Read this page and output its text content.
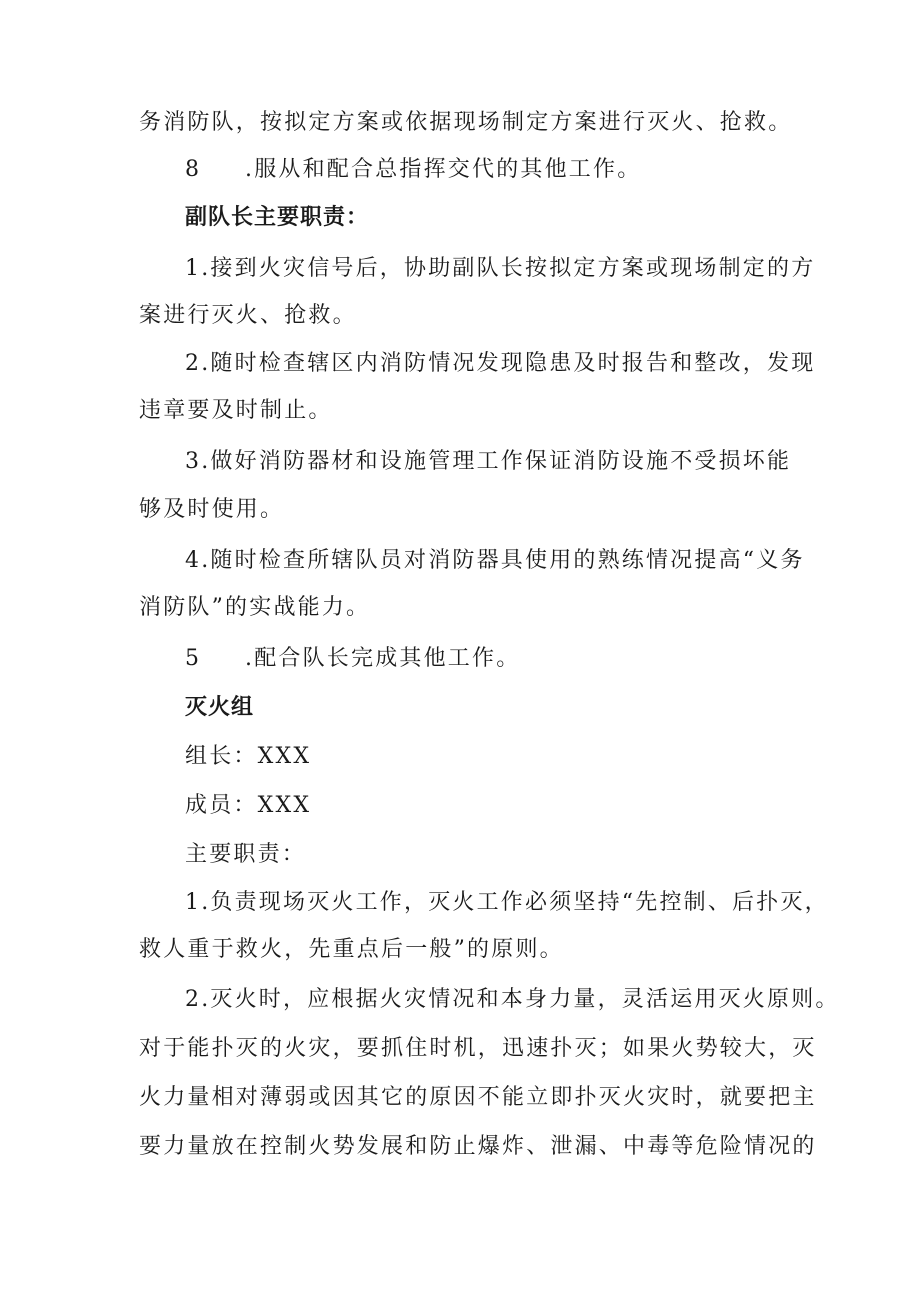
务消防队，按拟定方案或依据现场制定方案进行灭火、抢救。

8 .服从和配合总指挥交代的其他工作。

副队长主要职责：

1.接到火灾信号后，协助副队长按拟定方案或现场制定的方

案进行灭火、抢救。

2.随时检查辖区内消防情况发现隐患及时报告和整改，发现

违章要及时制止。

3.做好消防器材和设施管理工作保证消防设施不受损坏能

够及时使用。

4.随时检查所辖队员对消防器具使用的熟练情况提高“义务

消防队”的实战能力。

5 .配合队长完成其他工作。

灭火组

组长：XXX

成员：XXX

主要职责：

1.负责现场灭火工作，灭火工作必须坚持“先控制、后扑灭，

救人重于救火，先重点后一般”的原则。

2.灭火时，应根据火灾情况和本身力量，灵活运用灭火原则。

对于能扑灭的火灾，要抓住时机，迅速扑灭；如果火势较大，灭

火力量相对薄弱或因其它的原因不能立即扑灭火灾时，就要把主

要力量放在控制火势发展和防止爆炸、泄漏、中毒等危险情况的
